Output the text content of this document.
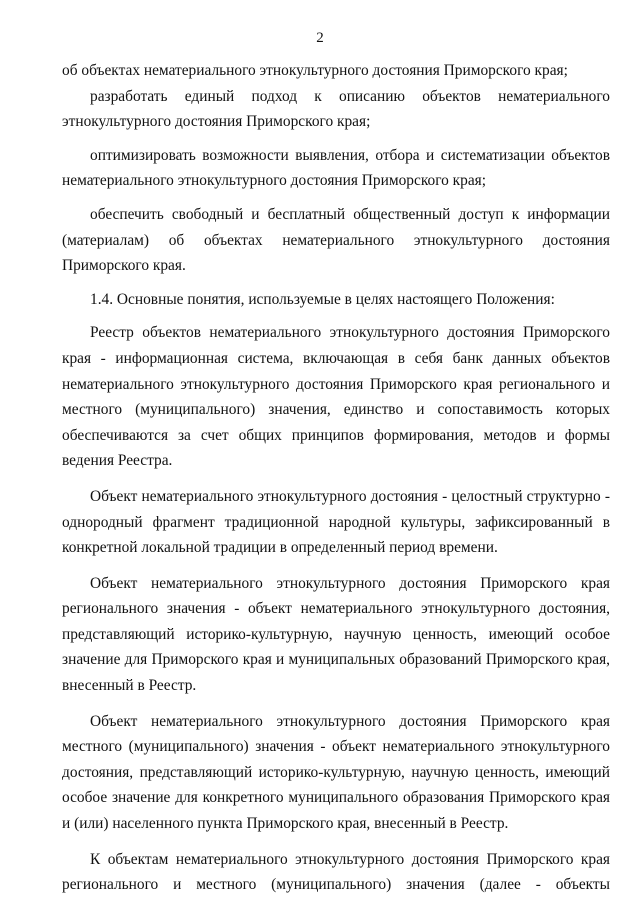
2

об объектах нематериального этнокультурного достояния Приморского края;

разработать единый подход к описанию объектов нематериального этнокультурного достояния Приморского края;

оптимизировать возможности выявления, отбора и систематизации объектов нематериального этнокультурного достояния Приморского края;

обеспечить свободный и бесплатный общественный доступ к информации (материалам) об объектах нематериального этнокультурного достояния Приморского края.

1.4. Основные понятия, используемые в целях настоящего Положения:

Реестр объектов нематериального этнокультурного достояния Приморского края - информационная система, включающая в себя банк данных объектов нематериального этнокультурного достояния Приморского края регионального и местного (муниципального) значения, единство и сопоставимость которых обеспечиваются за счет общих принципов формирования, методов и формы ведения Реестра.

Объект нематериального этнокультурного достояния - целостный структурно - однородный фрагмент традиционной народной культуры, зафиксированный в конкретной локальной традиции в определенный период времени.

Объект нематериального этнокультурного достояния Приморского края регионального значения - объект нематериального этнокультурного достояния, представляющий историко-культурную, научную ценность, имеющий особое значение для Приморского края и муниципальных образований Приморского края, внесенный в Реестр.

Объект нематериального этнокультурного достояния Приморского края местного (муниципального) значения - объект нематериального этнокультурного достояния, представляющий историко-культурную, научную ценность, имеющий особое значение для конкретного муниципального образования Приморского края и (или) населенного пункта Приморского края, внесенный в Реестр.

К объектам нематериального этнокультурного достояния Приморского края регионального и местного (муниципального) значения (далее - объекты
